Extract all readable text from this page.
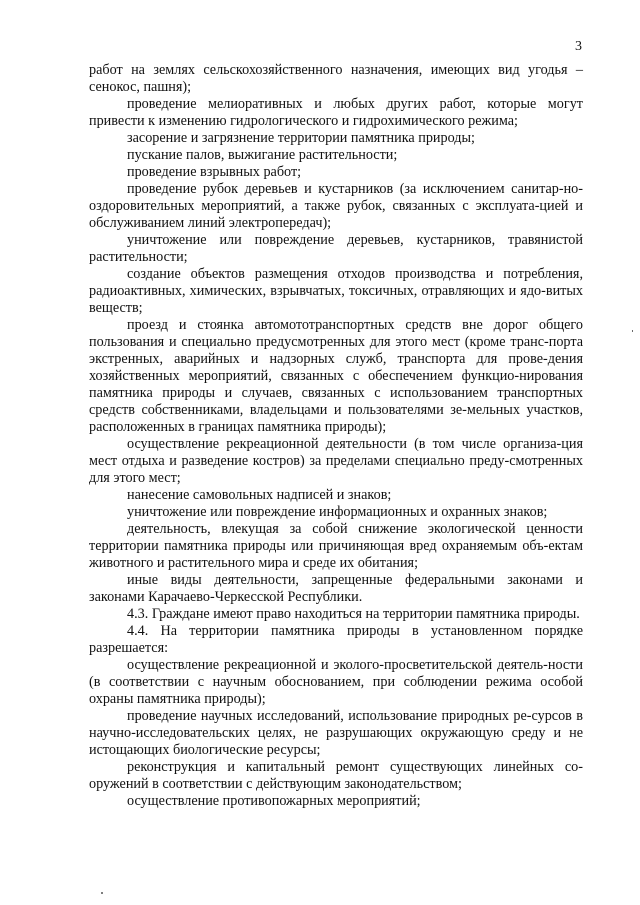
3

работ на землях сельскохозяйственного назначения, имеющих вид угодья – сенокос, пашня);

проведение мелиоративных и любых других работ, которые могут привести к изменению гидрологического и гидрохимического режима;

засорение и загрязнение территории памятника природы;

пускание палов, выжигание растительности;

проведение взрывных работ;

проведение рубок деревьев и кустарников (за исключением санитар-но-оздоровительных мероприятий, а также рубок, связанных с эксплуата-цией и обслуживанием линий электропередач);

уничтожение или повреждение деревьев, кустарников, травянистой растительности;

создание объектов размещения отходов производства и потребления, радиоактивных, химических, взрывчатых, токсичных, отравляющих и ядо-витых веществ;

проезд и стоянка автомототранспортных средств вне дорог общего пользования и специально предусмотренных для этого мест (кроме транс-порта экстренных, аварийных и надзорных служб, транспорта для прове-дения хозяйственных мероприятий, связанных с обеспечением функцио-нирования памятника природы и случаев, связанных с использованием транспортных средств собственниками, владельцами и пользователями зе-мельных участков, расположенных в границах памятника природы);

осуществление рекреационной деятельности (в том числе организа-ция мест отдыха и разведение костров) за пределами специально преду-смотренных для этого мест;

нанесение самовольных надписей и знаков;

уничтожение или повреждение информационных и охранных знаков;

деятельность, влекущая за собой снижение экологической ценности территории памятника природы или причиняющая вред охраняемым объ-ектам животного и растительного мира и среде их обитания;

иные виды деятельности, запрещенные федеральными законами и законами Карачаево-Черкесской Республики.

4.3. Граждане имеют право находиться на территории памятника природы.

4.4. На территории памятника природы в установленном порядке разрешается:

осуществление рекреационной и эколого-просветительской деятель-ности (в соответствии с научным обоснованием, при соблюдении режима особой охраны памятника природы);

проведение научных исследований, использование природных ре-сурсов в научно-исследовательских целях, не разрушающих окружающую среду и не истощающих биологические ресурсы;

реконструкция и капитальный ремонт существующих линейных со-оружений в соответствии с действующим законодательством;

осуществление противопожарных мероприятий;
